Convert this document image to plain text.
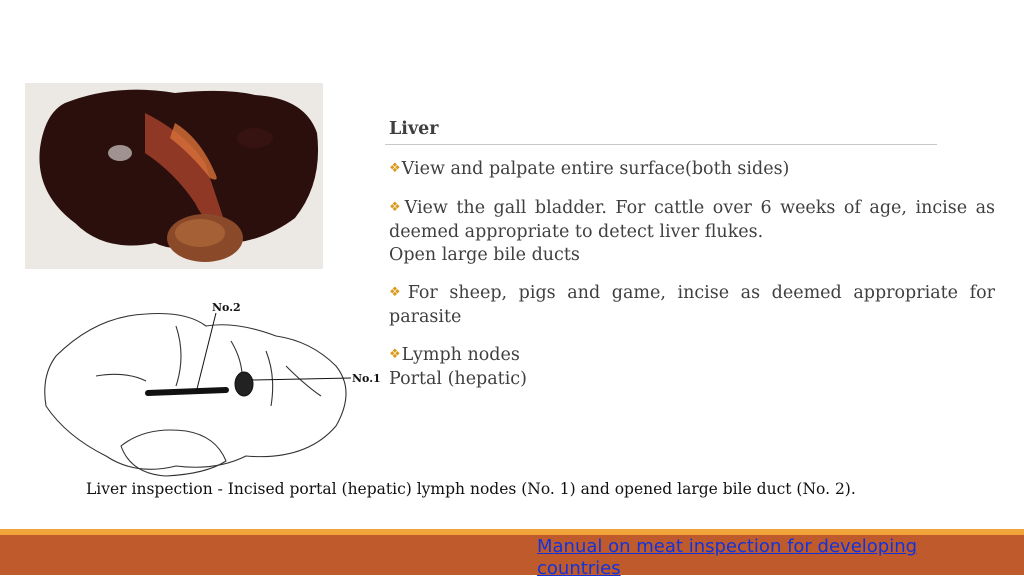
No.2
No.1
Liver
❖View and palpate entire surface(both sides)
❖View the gall bladder. For cattle over 6 weeks of age, incise as deemed appropriate to detect liver flukes.
Open large bile ducts
❖For sheep, pigs and game, incise as deemed appropriate for parasite
❖Lymph nodes
Portal (hepatic)
Liver inspection - Incised portal (hepatic) lymph nodes (No. 1) and opened large bile duct (No. 2).
Manual on meat inspection for developing countries
